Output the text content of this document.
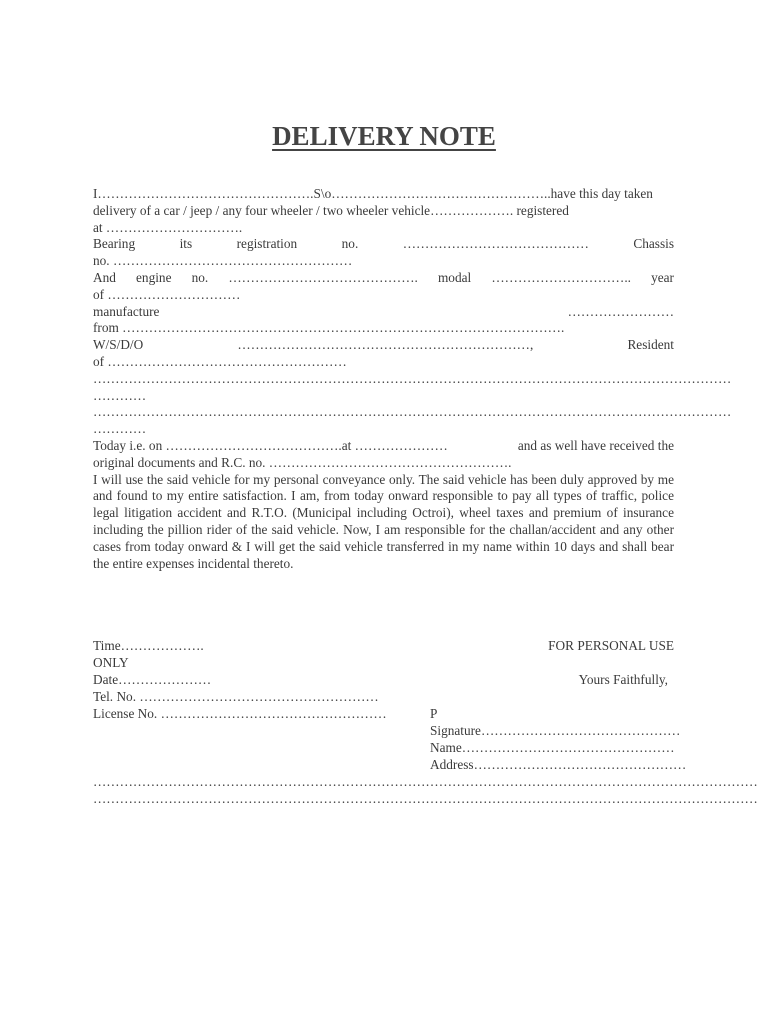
DELIVERY NOTE
I………………………………………….S\o…………………………………………..have this day taken
delivery of a car / jeep / any four wheeler / two wheeler vehicle………………. registered
at ………………………….
Bearing	its	registration	no.	……………………………………	Chassis
no. ………………………………………………
And engine no. ……………………………………. modal ………………………….. year
of …………………………
manufacture	……………………
from ……………………………………………………………………………………….
W/S/D/O	…………………………………………………………,	Resident
of ………………………………………………
………………………………………………………………………………………………………………………………
…………
………………………………………………………………………………………………………………………………
…………
Today i.e. on ………………………………….at …………………	and as well have received the
original documents and R.C. no. ……………………………………………….
I will use the said vehicle for my personal conveyance only. The said vehicle has been duly approved by me and found to my entire satisfaction. I am, from today onward responsible to pay all types of traffic, police legal litigation accident and R.T.O. (Municipal including Octroi), wheel taxes and premium of insurance including the pillion rider of the said vehicle. Now, I am responsible for the challan/accident and any other cases from today onward & I will get the said vehicle transferred in my name within 10 days and shall bear the entire expenses incidental thereto.
Time……………….	FOR PERSONAL USE
ONLY
Date…………………	Yours Faithfully,
Tel. No. ………………………………………………
License No. ……………………………………………	P
Signature………………………………………
Name…………………………………………
Address…………………………………………
……………………………………………………………………………………………………………………………………
……………………………………………………………………………………………………………………………………
